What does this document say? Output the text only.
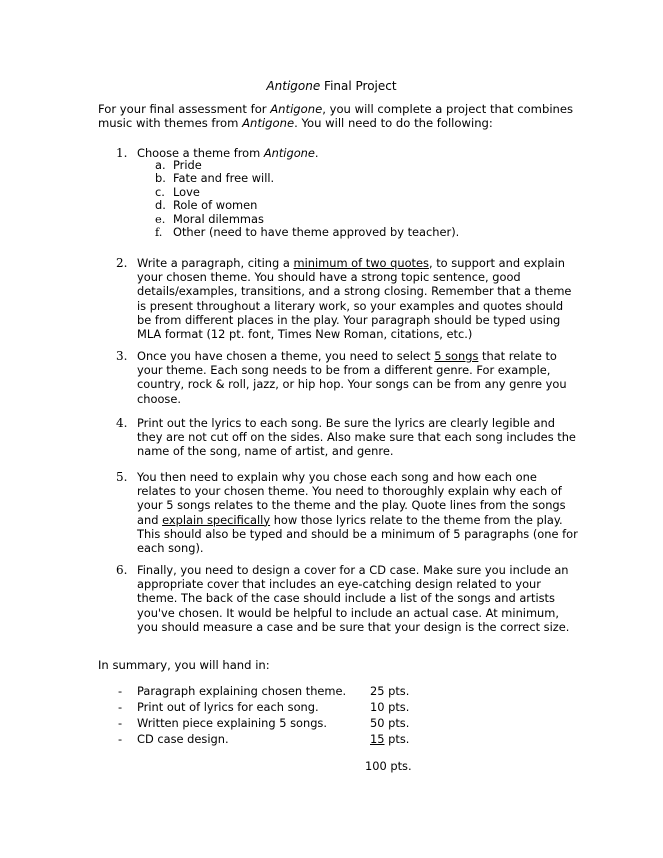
Antigone Final Project
For your final assessment for Antigone, you will complete a project that combines music with themes from Antigone. You will need to do the following:
1. Choose a theme from Antigone.
a. Pride
b. Fate and free will.
c. Love
d. Role of women
e. Moral dilemmas
f. Other (need to have theme approved by teacher).
2. Write a paragraph, citing a minimum of two quotes, to support and explain your chosen theme. You should have a strong topic sentence, good details/examples, transitions, and a strong closing. Remember that a theme is present throughout a literary work, so your examples and quotes should be from different places in the play. Your paragraph should be typed using MLA format (12 pt. font, Times New Roman, citations, etc.)
3. Once you have chosen a theme, you need to select 5 songs that relate to your theme. Each song needs to be from a different genre. For example, country, rock & roll, jazz, or hip hop. Your songs can be from any genre you choose.
4. Print out the lyrics to each song. Be sure the lyrics are clearly legible and they are not cut off on the sides. Also make sure that each song includes the name of the song, name of artist, and genre.
5. You then need to explain why you chose each song and how each one relates to your chosen theme. You need to thoroughly explain why each of your 5 songs relates to the theme and the play. Quote lines from the songs and explain specifically how those lyrics relate to the theme from the play. This should also be typed and should be a minimum of 5 paragraphs (one for each song).
6. Finally, you need to design a cover for a CD case. Make sure you include an appropriate cover that includes an eye-catching design related to your theme. The back of the case should include a list of the songs and artists you've chosen. It would be helpful to include an actual case. At minimum, you should measure a case and be sure that your design is the correct size.
In summary, you will hand in:
- Paragraph explaining chosen theme. 25 pts.
- Print out of lyrics for each song.	10 pts.
- Written piece explaining 5 songs.	50 pts.
- CD case design.	15 pts.
100 pts.
